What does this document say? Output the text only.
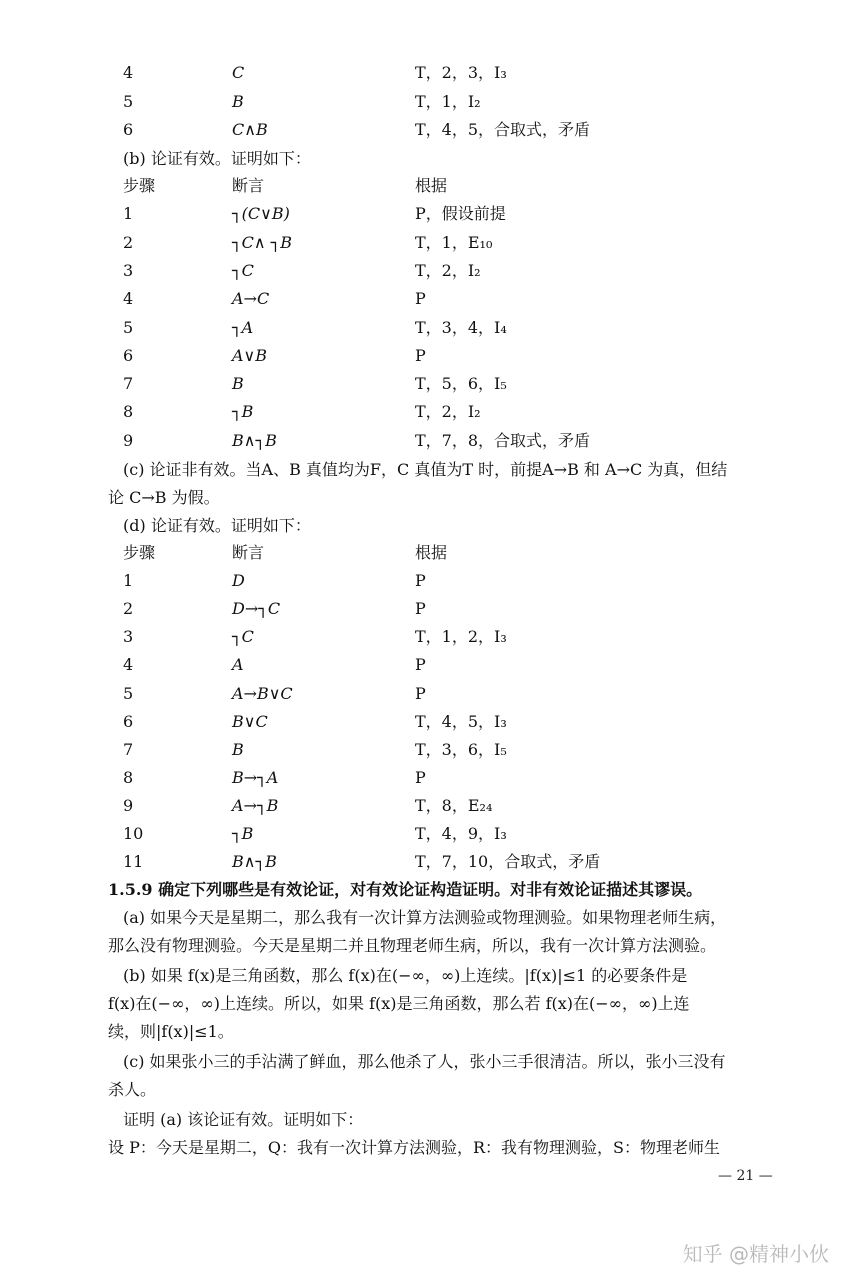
4	C	T，2，3，I₃
5	B	T，1，I₂
6	C∧B	T，4，5，合取式，矛盾
步骤	断言	根据
1	┐(C∨B)	P，假设前提
2	┐C∧ ┐B	T，1，E₁₀
3	┐C	T，2，I₂
4	A→C	P
5	┐A	T，3，4，I₄
6	A∨B	P
7	B	T，5，6，I₅
8	┐B	T，2，I₂
9	B∧┐B	T，7，8，合取式，矛盾
步骤	断言	根据
1	D	P
2	D→┐C	P
3	┐C	T，1，2，I₃
4	A	P
5	A→B∨C	P
6	B∨C	T，4，5，I₃
7	B	T，3，6，I₅
8	B→┐A	P
9	A→┐B	T，8，E₂₄
10	┐B	T，4，9，I₃
11	B∧┐B	T，7，10，合取式，矛盾
(b) 论证有效。证明如下：
(c) 论证非有效。当A、B 真值均为F，C 真值为T 时，前提A→B 和 A→C 为真，但结
论 C→B 为假。
(d) 论证有效。证明如下：
1.5.9 确定下列哪些是有效论证，对有效论证构造证明。对非有效论证描述其谬误。
(a) 如果今天是星期二，那么我有一次计算方法测验或物理测验。如果物理老师生病，
那么没有物理测验。今天是星期二并且物理老师生病，所以，我有一次计算方法测验。
(b) 如果 f(x)是三角函数，那么 f(x)在(−∞，∞)上连续。|f(x)|≤1 的必要条件是
f(x)在(−∞，∞)上连续。所以，如果 f(x)是三角函数，那么若 f(x)在(−∞，∞)上连
续，则|f(x)|≤1。
(c) 如果张小三的手沾满了鲜血，那么他杀了人，张小三手很清洁。所以，张小三没有
杀人。
证明 (a) 该论证有效。证明如下：
设 P：今天是星期二，Q：我有一次计算方法测验，R：我有物理测验，S：物理老师生
— 21 —
知乎 @精神小伙
